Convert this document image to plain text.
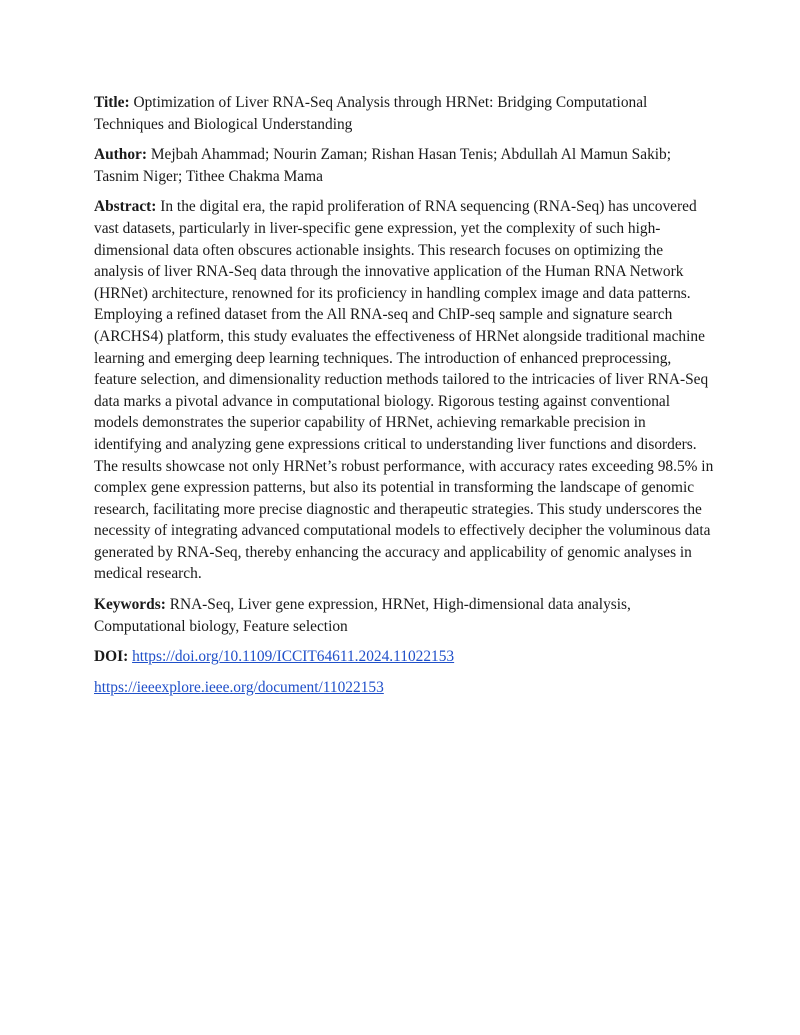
Title: Optimization of Liver RNA-Seq Analysis through HRNet: Bridging Computational Techniques and Biological Understanding

Author: Mejbah Ahammad; Nourin Zaman; Rishan Hasan Tenis; Abdullah Al Mamun Sakib; Tasnim Niger; Tithee Chakma Mama

Abstract: In the digital era, the rapid proliferation of RNA sequencing (RNA-Seq) has uncovered vast datasets, particularly in liver-specific gene expression, yet the complexity of such high-dimensional data often obscures actionable insights. This research focuses on optimizing the analysis of liver RNA-Seq data through the innovative application of the Human RNA Network (HRNet) architecture, renowned for its proficiency in handling complex image and data patterns. Employing a refined dataset from the All RNA-seq and ChIP-seq sample and signature search (ARCHS4) platform, this study evaluates the effectiveness of HRNet alongside traditional machine learning and emerging deep learning techniques. The introduction of enhanced preprocessing, feature selection, and dimensionality reduction methods tailored to the intricacies of liver RNA-Seq data marks a pivotal advance in computational biology. Rigorous testing against conventional models demonstrates the superior capability of HRNet, achieving remarkable precision in identifying and analyzing gene expressions critical to understanding liver functions and disorders. The results showcase not only HRNet’s robust performance, with accuracy rates exceeding 98.5% in complex gene expression patterns, but also its potential in transforming the landscape of genomic research, facilitating more precise diagnostic and therapeutic strategies. This study underscores the necessity of integrating advanced computational models to effectively decipher the voluminous data generated by RNA-Seq, thereby enhancing the accuracy and applicability of genomic analyses in medical research.

Keywords: RNA-Seq, Liver gene expression, HRNet, High-dimensional data analysis, Computational biology, Feature selection

DOI: https://doi.org/10.1109/ICCIT64611.2024.11022153

https://ieeexplore.ieee.org/document/11022153
